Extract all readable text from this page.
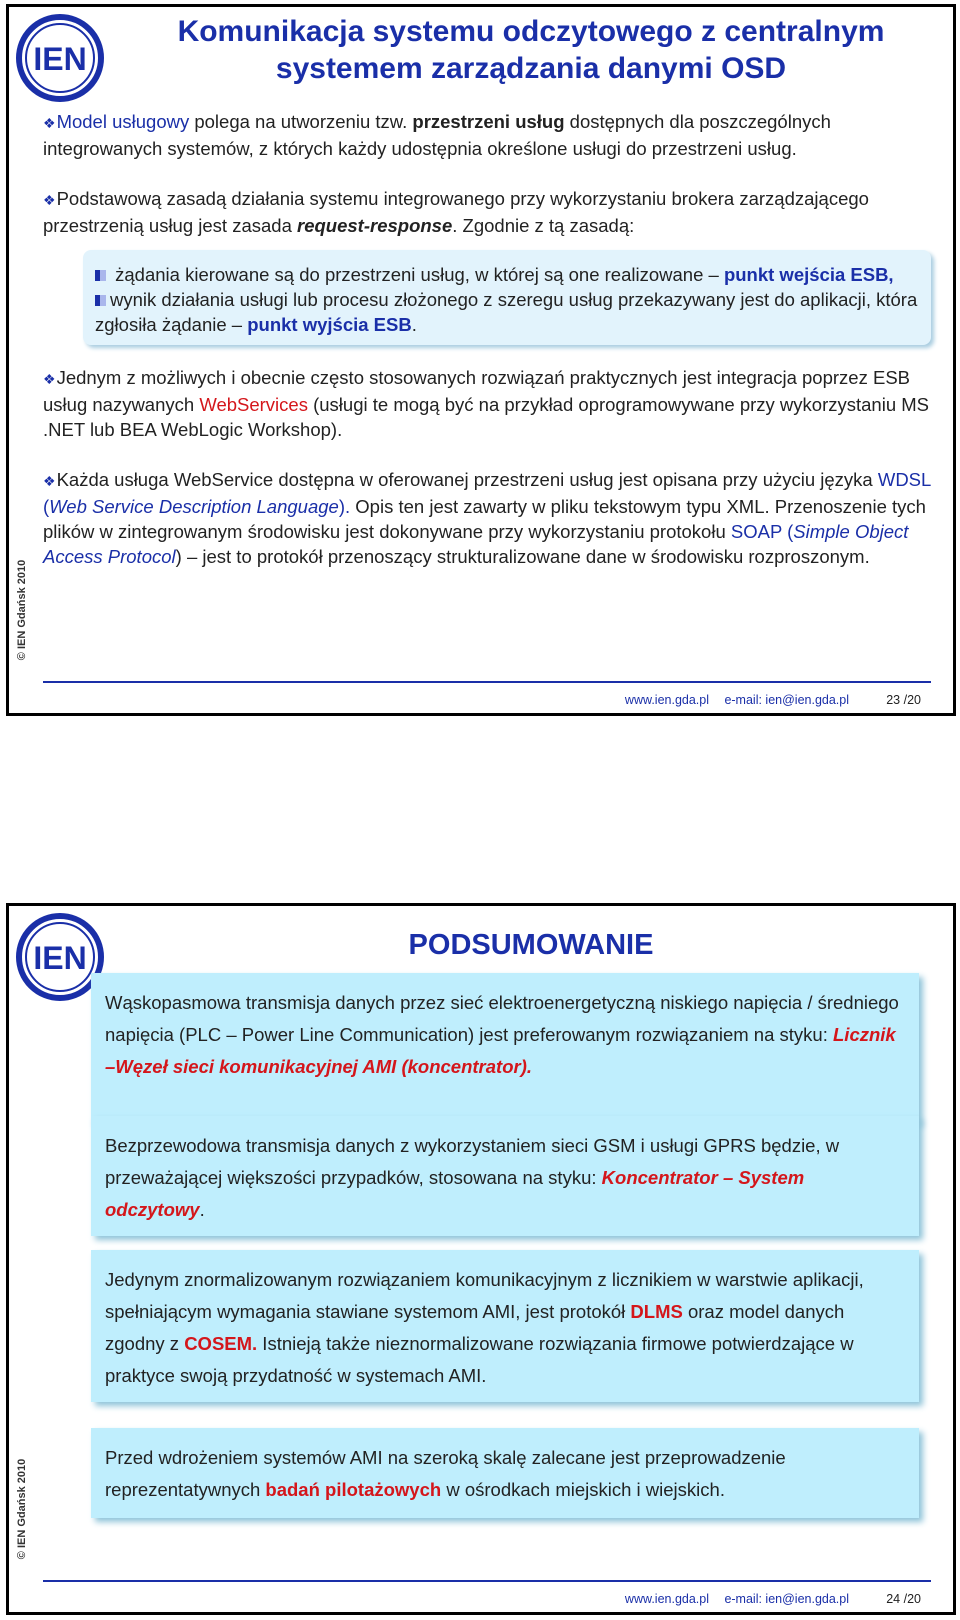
IEN
Komunikacja systemu odczytowego z centralnym
systemem zarządzania danymi OSD

❖Model usługowy polega na utworzeniu tzw. przestrzeni usług dostępnych dla poszczególnych integrowanych systemów, z których każdy udostępnia określone usługi do przestrzeni usług.

❖Podstawową zasadą działania systemu integrowanego przy wykorzystaniu brokera zarządzającego przestrzenią usług jest zasada request-response. Zgodnie z tą zasadą:

żądania kierowane są do przestrzeni usług, w której są one realizowane – punkt wejścia ESB,
wynik działania usługi lub procesu złożonego z szeregu usług przekazywany jest do aplikacji, która zgłosiła żądanie – punkt wyjścia ESB.

❖Jednym z możliwych i obecnie często stosowanych rozwiązań praktycznych jest integracja poprzez ESB usług nazywanych WebServices (usługi te mogą być na przykład oprogramowywane przy wykorzystaniu MS .NET lub BEA WebLogic Workshop).

❖Każda usługa WebService dostępna w oferowanej przestrzeni usług jest opisana przy użyciu języka WDSL (Web Service Description Language). Opis ten jest zawarty w pliku tekstowym typu XML. Przenoszenie tych plików w zintegrowanym środowisku jest dokonywane przy wykorzystaniu protokołu SOAP (Simple Object Access Protocol) – jest to protokół przenoszący strukturalizowane dane w środowisku rozproszonym.

© IEN Gdańsk 2010
www.ien.gda.pl e-mail: ien@ien.gda.pl	23 /20
IEN	PODSUMOWANIE
Wąskopasmowa transmisja danych przez sieć elektroenergetyczną niskiego napięcia / średniego napięcia (PLC – Power Line Communication) jest preferowanym rozwiązaniem na styku: Licznik –Węzeł sieci komunikacyjnej AMI (koncentrator).
Bezprzewodowa transmisja danych z wykorzystaniem sieci GSM i usługi GPRS będzie, w przeważającej większości przypadków, stosowana na styku: Koncentrator – System odczytowy.
Jedynym znormalizowanym rozwiązaniem komunikacyjnym z licznikiem w warstwie aplikacji, spełniającym wymagania stawiane systemom AMI, jest protokół DLMS oraz model danych zgodny z COSEM. Istnieją także nieznormalizowane rozwiązania firmowe potwierdzające w praktyce swoją przydatność w systemach AMI.
Przed wdrożeniem systemów AMI na szeroką skalę zalecane jest przeprowadzenie reprezentatywnych badań pilotażowych w ośrodkach miejskich i wiejskich.
© IEN Gdańsk 2010
www.ien.gda.pl e-mail: ien@ien.gda.pl	24 /20
